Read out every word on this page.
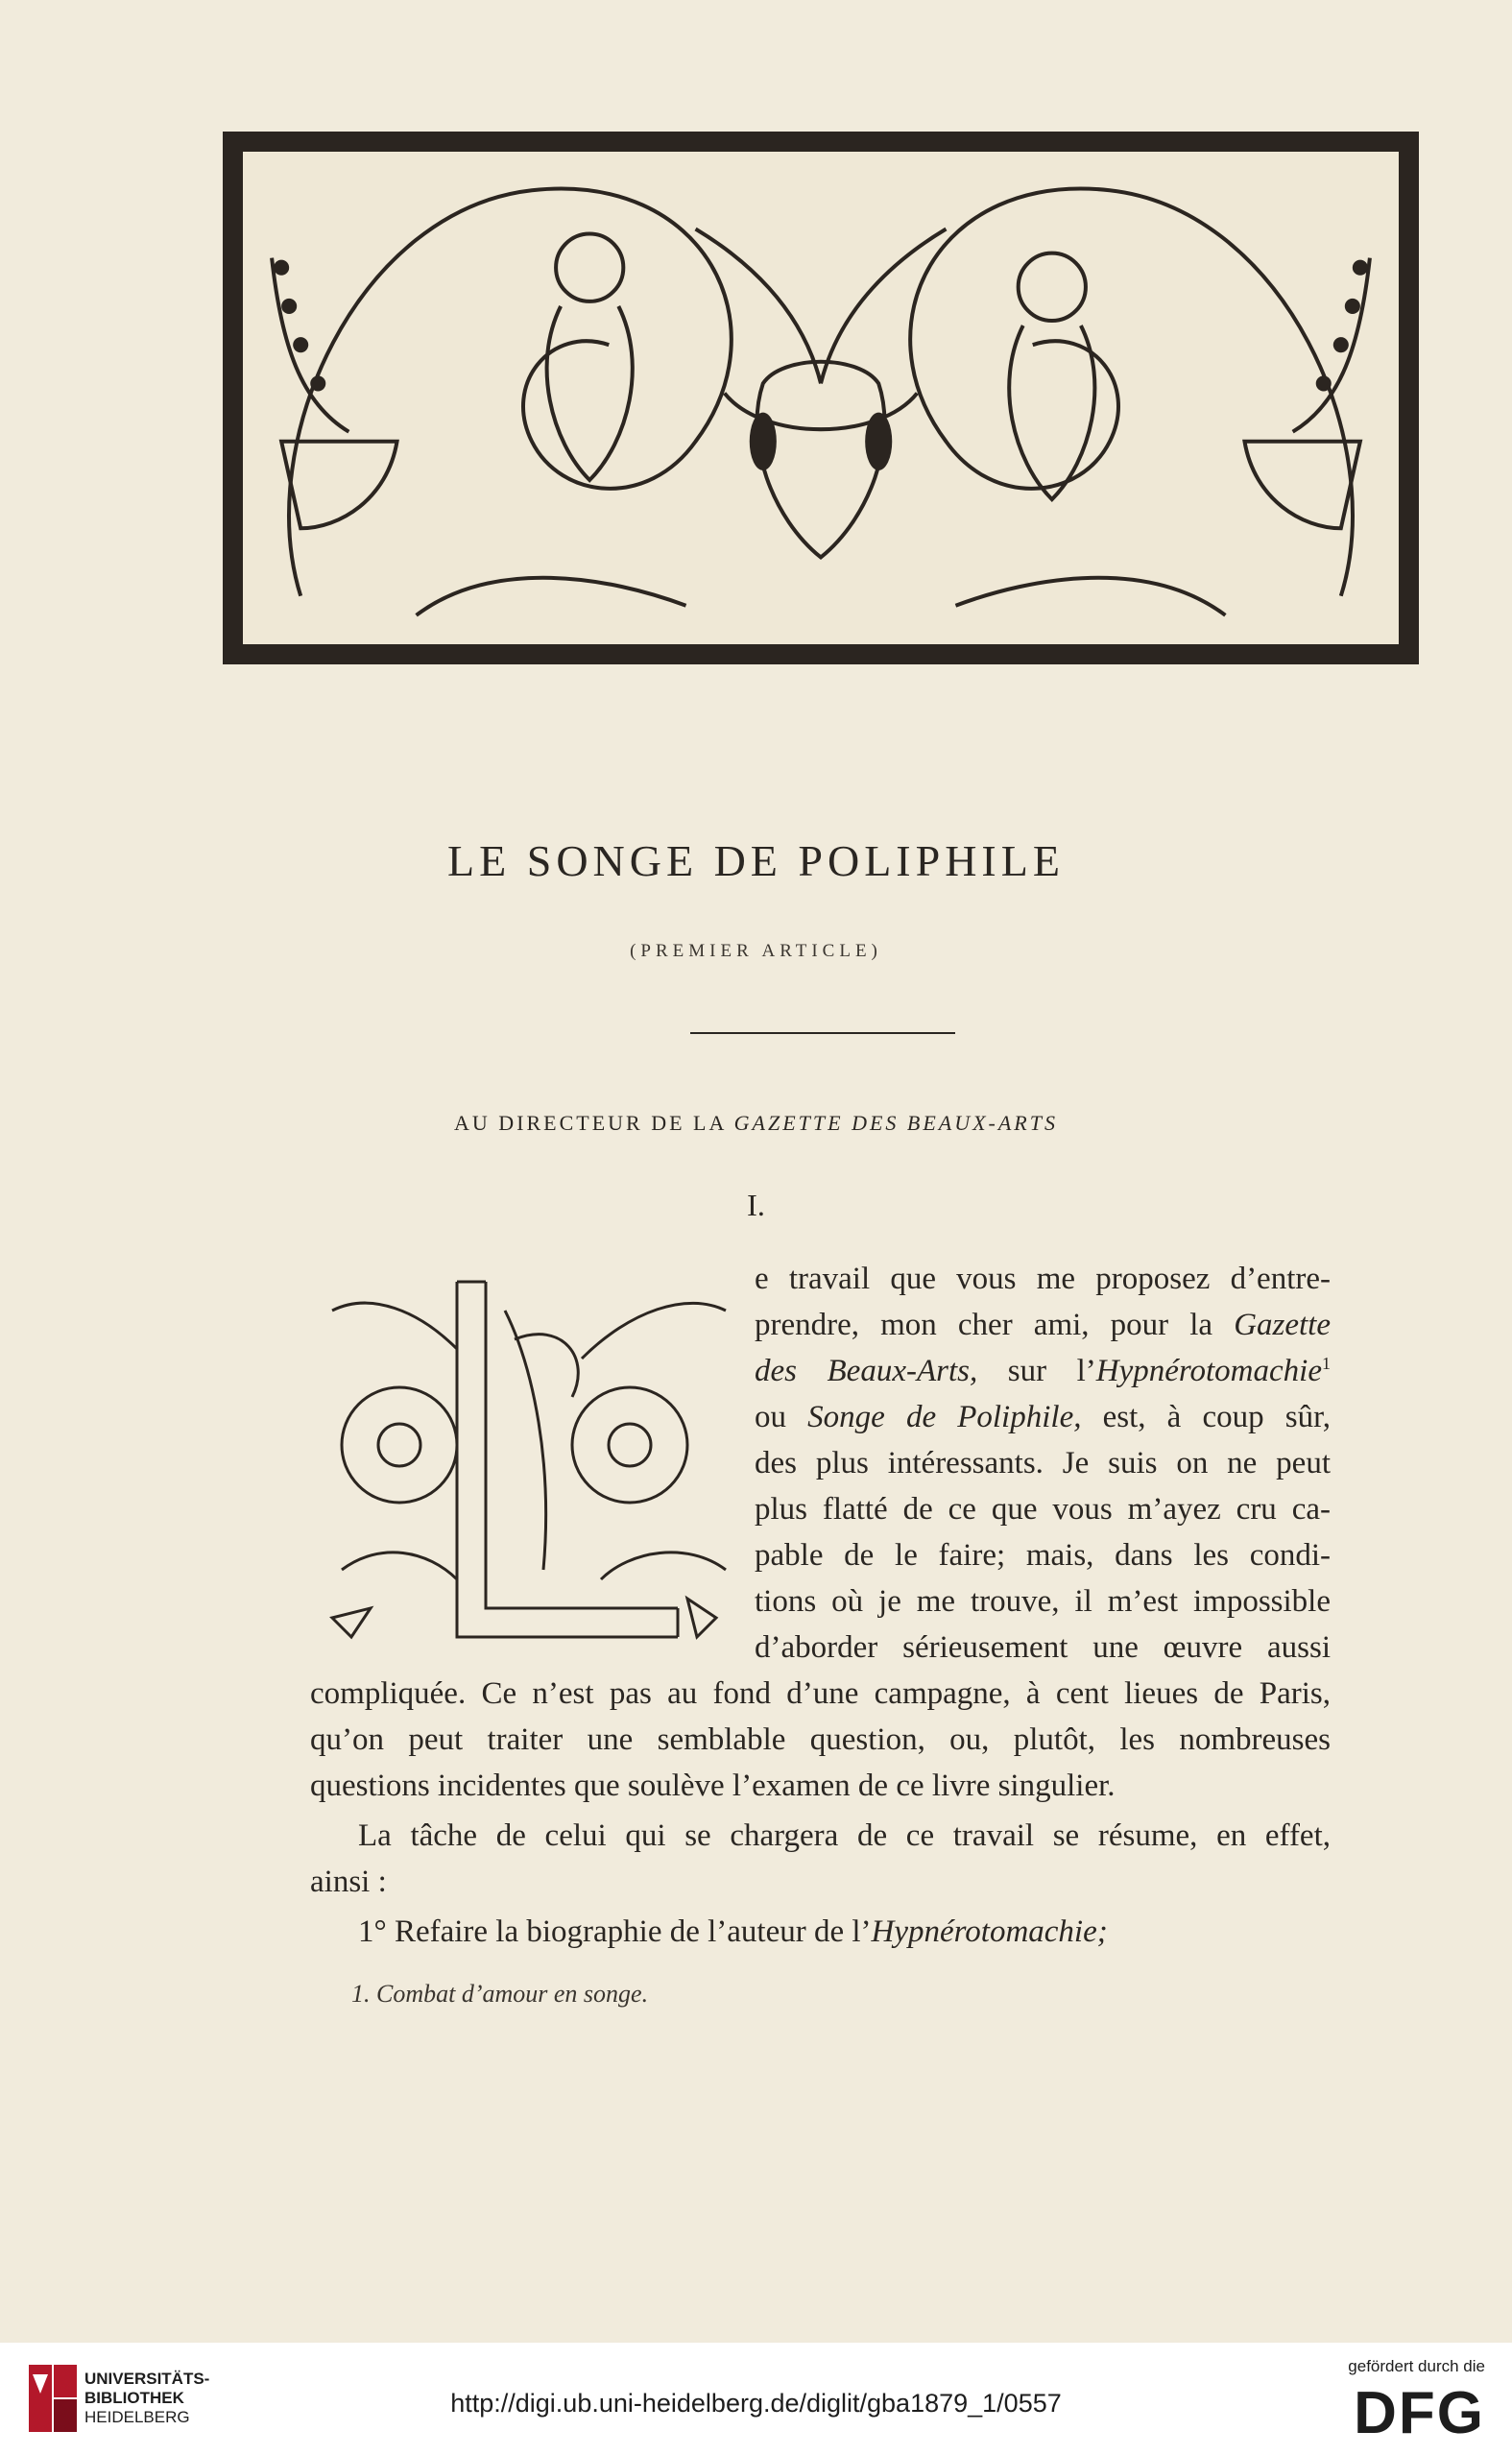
LE SONGE DE POLIPHILE
(PREMIER ARTICLE)
AU DIRECTEUR DE LA GAZETTE DES BEAUX-ARTS
I.
L
e travail que vous me proposez d’entre-
prendre, mon cher ami, pour la Gazette
des Beaux-Arts, sur l’Hypnérotomachie$^1$
ou Songe de Poliphile, est, à coup sûr,
des plus intéressants. Je suis on ne peut
plus flatté de ce que vous m’ayez cru ca-
pable de le faire; mais, dans les condi-
tions où je me trouve, il m’est impossible
d’aborder sérieusement une œuvre aussi
compliquée. Ce n’est pas au fond d’une campagne, à cent lieues de Paris,
qu’on peut traiter une semblable question, ou, plutôt, les nombreuses
questions incidentes que soulève l’examen de ce livre singulier.
La tâche de celui qui se chargera de ce travail se résume, en effet,
ainsi :
1° Refaire la biographie de l’auteur de l’Hypnérotomachie;
1. Combat d’amour en songe.
UNIVERSITÄTS-
BIBLIOTHEK
HEIDELBERG	http://digi.ub.uni-heidelberg.de/diglit/gba1879_1/0557
gefördert durch die
DFG
